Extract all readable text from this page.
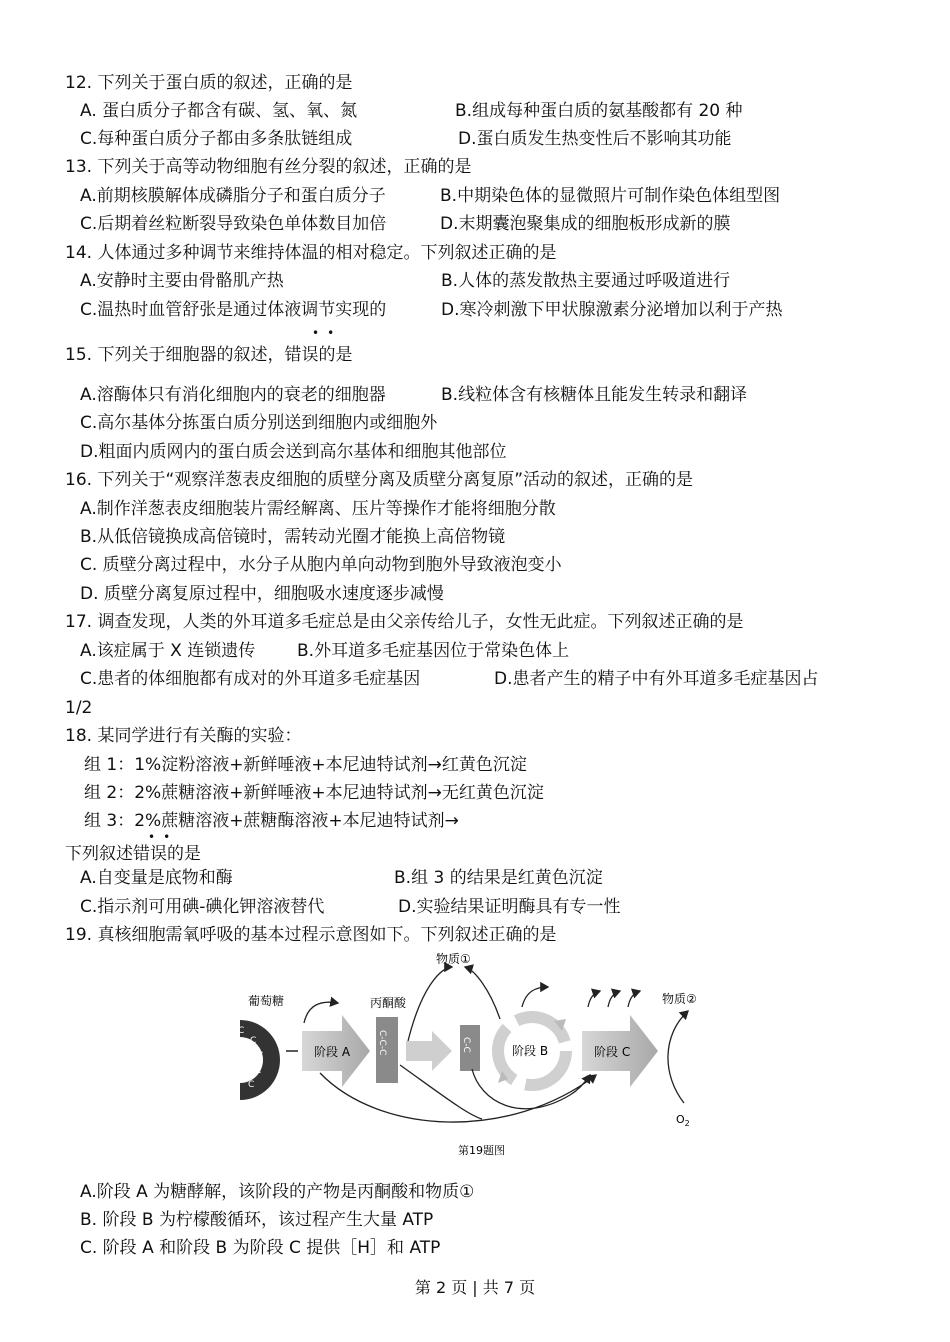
12. 下列关于蛋白质的叙述，正确的是
A. 蛋白质分子都含有碳、氢、氧、氮	B.组成每种蛋白质的氨基酸都有 20 种
C.每种蛋白质分子都由多条肽链组成	D.蛋白质发生热变性后不影响其功能
13. 下列关于高等动物细胞有丝分裂的叙述，正确的是
A.前期核膜解体成磷脂分子和蛋白质分子	B.中期染色体的显微照片可制作染色体组型图
C.后期着丝粒断裂导致染色单体数目加倍	D.末期囊泡聚集成的细胞板形成新的膜
14. 人体通过多种调节来维持体温的相对稳定。下列叙述正确的是
A.安静时主要由骨骼肌产热	B.人体的蒸发散热主要通过呼吸道进行
C.温热时血管舒张是通过体液调节实现的	D.寒冷刺激下甲状腺激素分泌增加以利于产热
••
15. 下列关于细胞器的叙述，错误的是
A.溶酶体只有消化细胞内的衰老的细胞器	B.线粒体含有核糖体且能发生转录和翻译
C.高尔基体分拣蛋白质分别送到细胞内或细胞外
D.粗面内质网内的蛋白质会送到高尔基体和细胞其他部位
16. 下列关于“观察洋葱表皮细胞的质壁分离及质壁分离复原”活动的叙述，正确的是
A.制作洋葱表皮细胞装片需经解离、压片等操作才能将细胞分散
B.从低倍镜换成高倍镜时，需转动光圈才能换上高倍物镜
C. 质壁分离过程中，水分子从胞内单向动物到胞外导致液泡变小
D. 质壁分离复原过程中，细胞吸水速度逐步减慢
17. 调查发现，人类的外耳道多毛症总是由父亲传给儿子，女性无此症。下列叙述正确的是
A.该症属于 X 连锁遗传 B.外耳道多毛症基因位于常染色体上
C.患者的体细胞都有成对的外耳道多毛症基因	D.患者产生的精子中有外耳道多毛症基因占
1/2
18. 某同学进行有关酶的实验：
组 1：1%淀粉溶液+新鲜唾液+本尼迪特试剂→红黄色沉淀
组 2：2%蔗糖溶液+新鲜唾液+本尼迪特试剂→无红黄色沉淀
组 3：2%蔗糖溶液+蔗糖酶溶液+本尼迪特试剂→
••
下列叙述错误的是
A.自变量是底物和酶	B.组 3 的结果是红黄色沉淀
C.指示剂可用碘-碘化钾溶液替代	D.实验结果证明酶具有专一性
19. 真核细胞需氧呼吸的基本过程示意图如下。下列叙述正确的是
葡萄糖	丙酮酸
物质①
物质②
C
C
C
C
C
阶段 A	C-C-C	C-C	阶段 B	阶段 C
$O_2$
第19题图
A.阶段 A 为糖酵解，该阶段的产物是丙酮酸和物质①
B. 阶段 B 为柠檬酸循环，该过程产生大量 ATP
C. 阶段 A 和阶段 B 为阶段 C 提供［H］和 ATP
第 2 页 | 共 7 页
